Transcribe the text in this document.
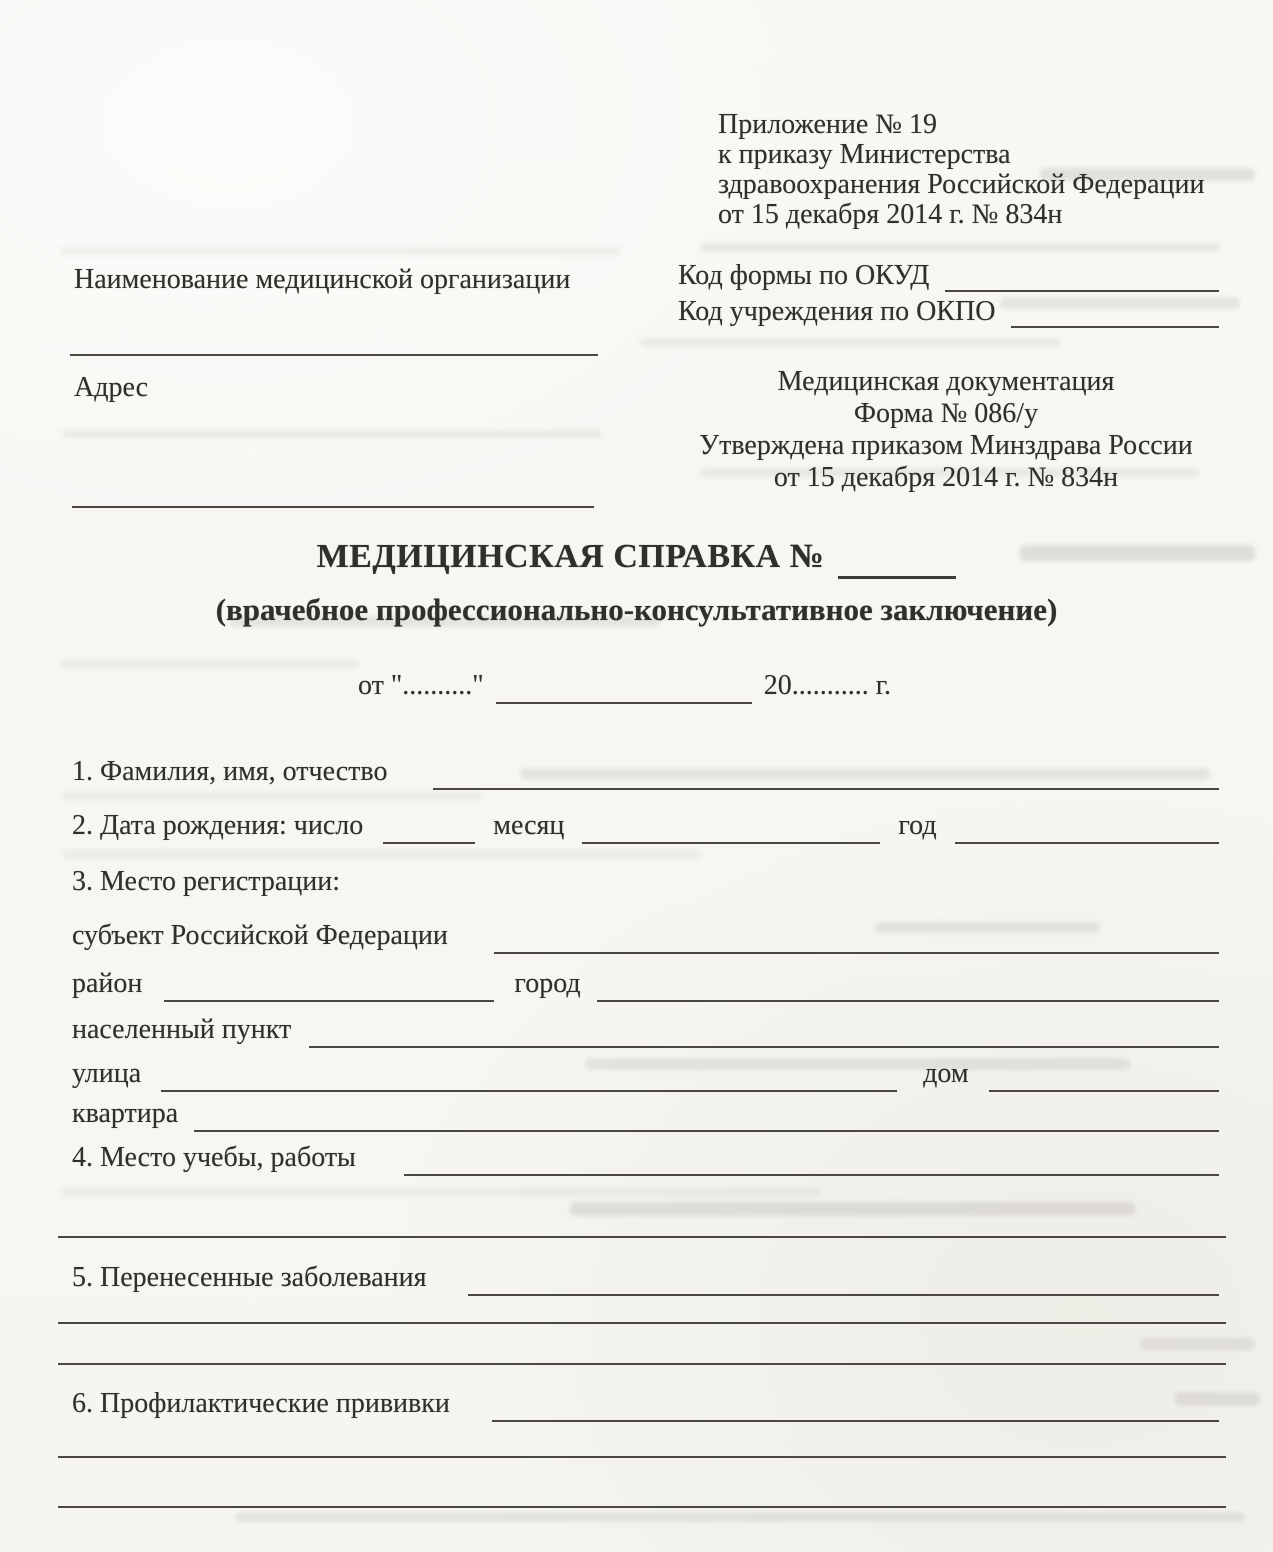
Приложение № 19
к приказу Министерства
здравоохранения Российской Федерации
от 15 декабря 2014 г. № 834н
Наименование медицинской организации	Код формы по ОКУД
Код учреждения по ОКПО
Адрес	Медицинская документация
Форма № 086/у
Утверждена приказом Минздрава России
от 15 декабря 2014 г. № 834н
МЕДИЦИНСКАЯ СПРАВКА №
(врачебное профессионально-консультативное заключение)
от ".........."	20........... г.
1. Фамилия, имя, отчество
2. Дата рождения: число	месяц	год
3. Место регистрации:
субъект Российской Федерации
район	город
населенный пункт
улица	дом
квартира
4. Место учебы, работы
5. Перенесенные заболевания
6. Профилактические прививки
